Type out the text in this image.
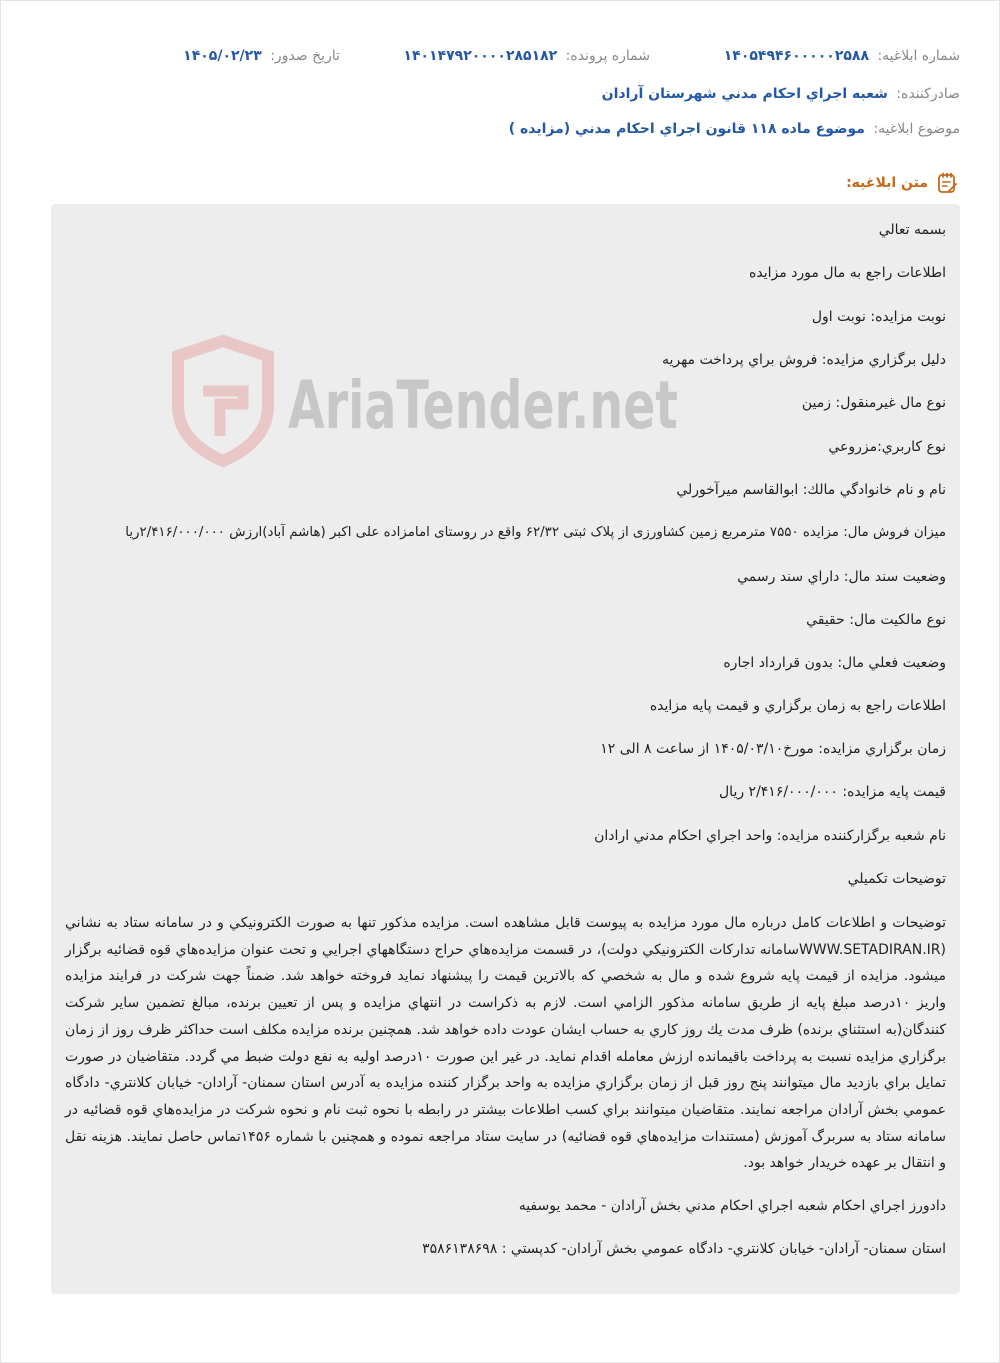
شماره ابلاغیه: ۱۴۰۵۴۹۴۶۰۰۰۰۰۲۵۸۸
شماره پرونده: ۱۴۰۱۴۷۹۲۰۰۰۰۲۸۵۱۸۲
تاریخ صدور: ۱۴۰۵/۰۲/۲۳
صادرکننده: شعبه اجراي احكام مدني شهرستان آرادان
موضوع ابلاغیه: موضوع ماده ۱۱۸ قانون اجراي احكام مدني (مزايده )
متن ابلاغیه:
AriaTender.net
بسمه تعالي
اطلاعات راجع به مال مورد مزايده
نوبت مزايده: نوبت اول
دليل برگزاري مزايده: فروش براي پرداخت مهريه
نوع مال غيرمنقول: زمين
نوع كاربري:مزروعي
نام و نام خانوادگي مالك: ابوالقاسم ميرآخورلي
ميزان فروش مال: مزايده ۷۵۵۰ مترمربع زمین کشاورزی از پلاک ثبتی ۶۲/۳۲ واقع در روستای امامزاده علی اکبر (هاشم آباد)ارزش ۲/۴۱۶/۰۰۰/۰۰۰ريا
وضعيت سند مال: داراي سند رسمي
نوع مالكيت مال: حقيقي
وضعيت فعلي مال: بدون قرارداد اجاره
اطلاعات راجع به زمان برگزاري و قيمت پايه مزايده
زمان برگزاري مزايده: مورخ۱۴۰۵/۰۳/۱۰ از ساعت ۸ الی ۱۲
قيمت پايه مزايده: ۲/۴۱۶/۰۰۰/۰۰۰ ريال
نام شعبه برگزاركننده مزايده: واحد اجراي احكام مدني ارادان
توضيحات تكميلي
توضيحات و اطلاعات كامل درباره مال مورد مزايده به پيوست قابل مشاهده است. مزايده مذكور تنها به صورت الكترونيكي و در سامانه ستاد به نشاني (WWW.SETADIRAN.IRسامانه تداركات الكترونيكي دولت)، در قسمت مزايده‌هاي حراج دستگاههاي اجرايي و تحت عنوان مزايده‌هاي قوه قضائيه برگزار ميشود. مزايده از قيمت پايه شروع شده و مال به شخصي كه بالاترين قيمت را پيشنهاد نمايد فروخته خواهد شد. ضمناً جهت شركت در فرايند مزايده واريز ۱۰درصد مبلغ پايه از طريق سامانه مذكور الزامي است. لازم به ذكراست در انتهاي مزايده و پس از تعيين برنده، مبالغ تضمين ساير شركت كنندگان(به استثناي برنده) ظرف مدت يك روز كاري به حساب ايشان عودت داده خواهد شد. همچنين برنده مزايده مكلف است حداكثر ظرف روز از زمان برگزاري مزايده نسبت به پرداخت باقيمانده ارزش معامله اقدام نمايد. در غير اين صورت ۱۰درصد اوليه به نفع دولت ضبط مي گردد. متقاضيان در صورت تمايل براي بازديد مال ميتوانند پنج روز قبل از زمان برگزاري مزايده به واحد برگزار كننده مزايده به آدرس استان سمنان- آرادان- خيابان كلانتري- دادگاه عمومي بخش آرادان مراجعه نمايند. متقاضيان ميتوانند براي كسب اطلاعات بيشتر در رابطه با نحوه ثبت نام و نحوه شركت در مزايده‌هاي قوه قضائيه در سامانه ستاد به سربرگ آموزش (مستندات مزايده‌هاي قوه قضائيه) در سايت ستاد مراجعه نموده و همچنين با شماره ۱۴۵۶تماس حاصل نمايند. هزينه نقل و انتقال بر عهده خريدار خواهد بود.
دادورز اجراي احكام شعبه اجراي احكام مدني بخش آرادان - محمد يوسفيه
استان سمنان- آرادان- خيابان كلانتري- دادگاه عمومي بخش آرادان- كدپستي : ۳۵۸۶۱۳۸۶۹۸
